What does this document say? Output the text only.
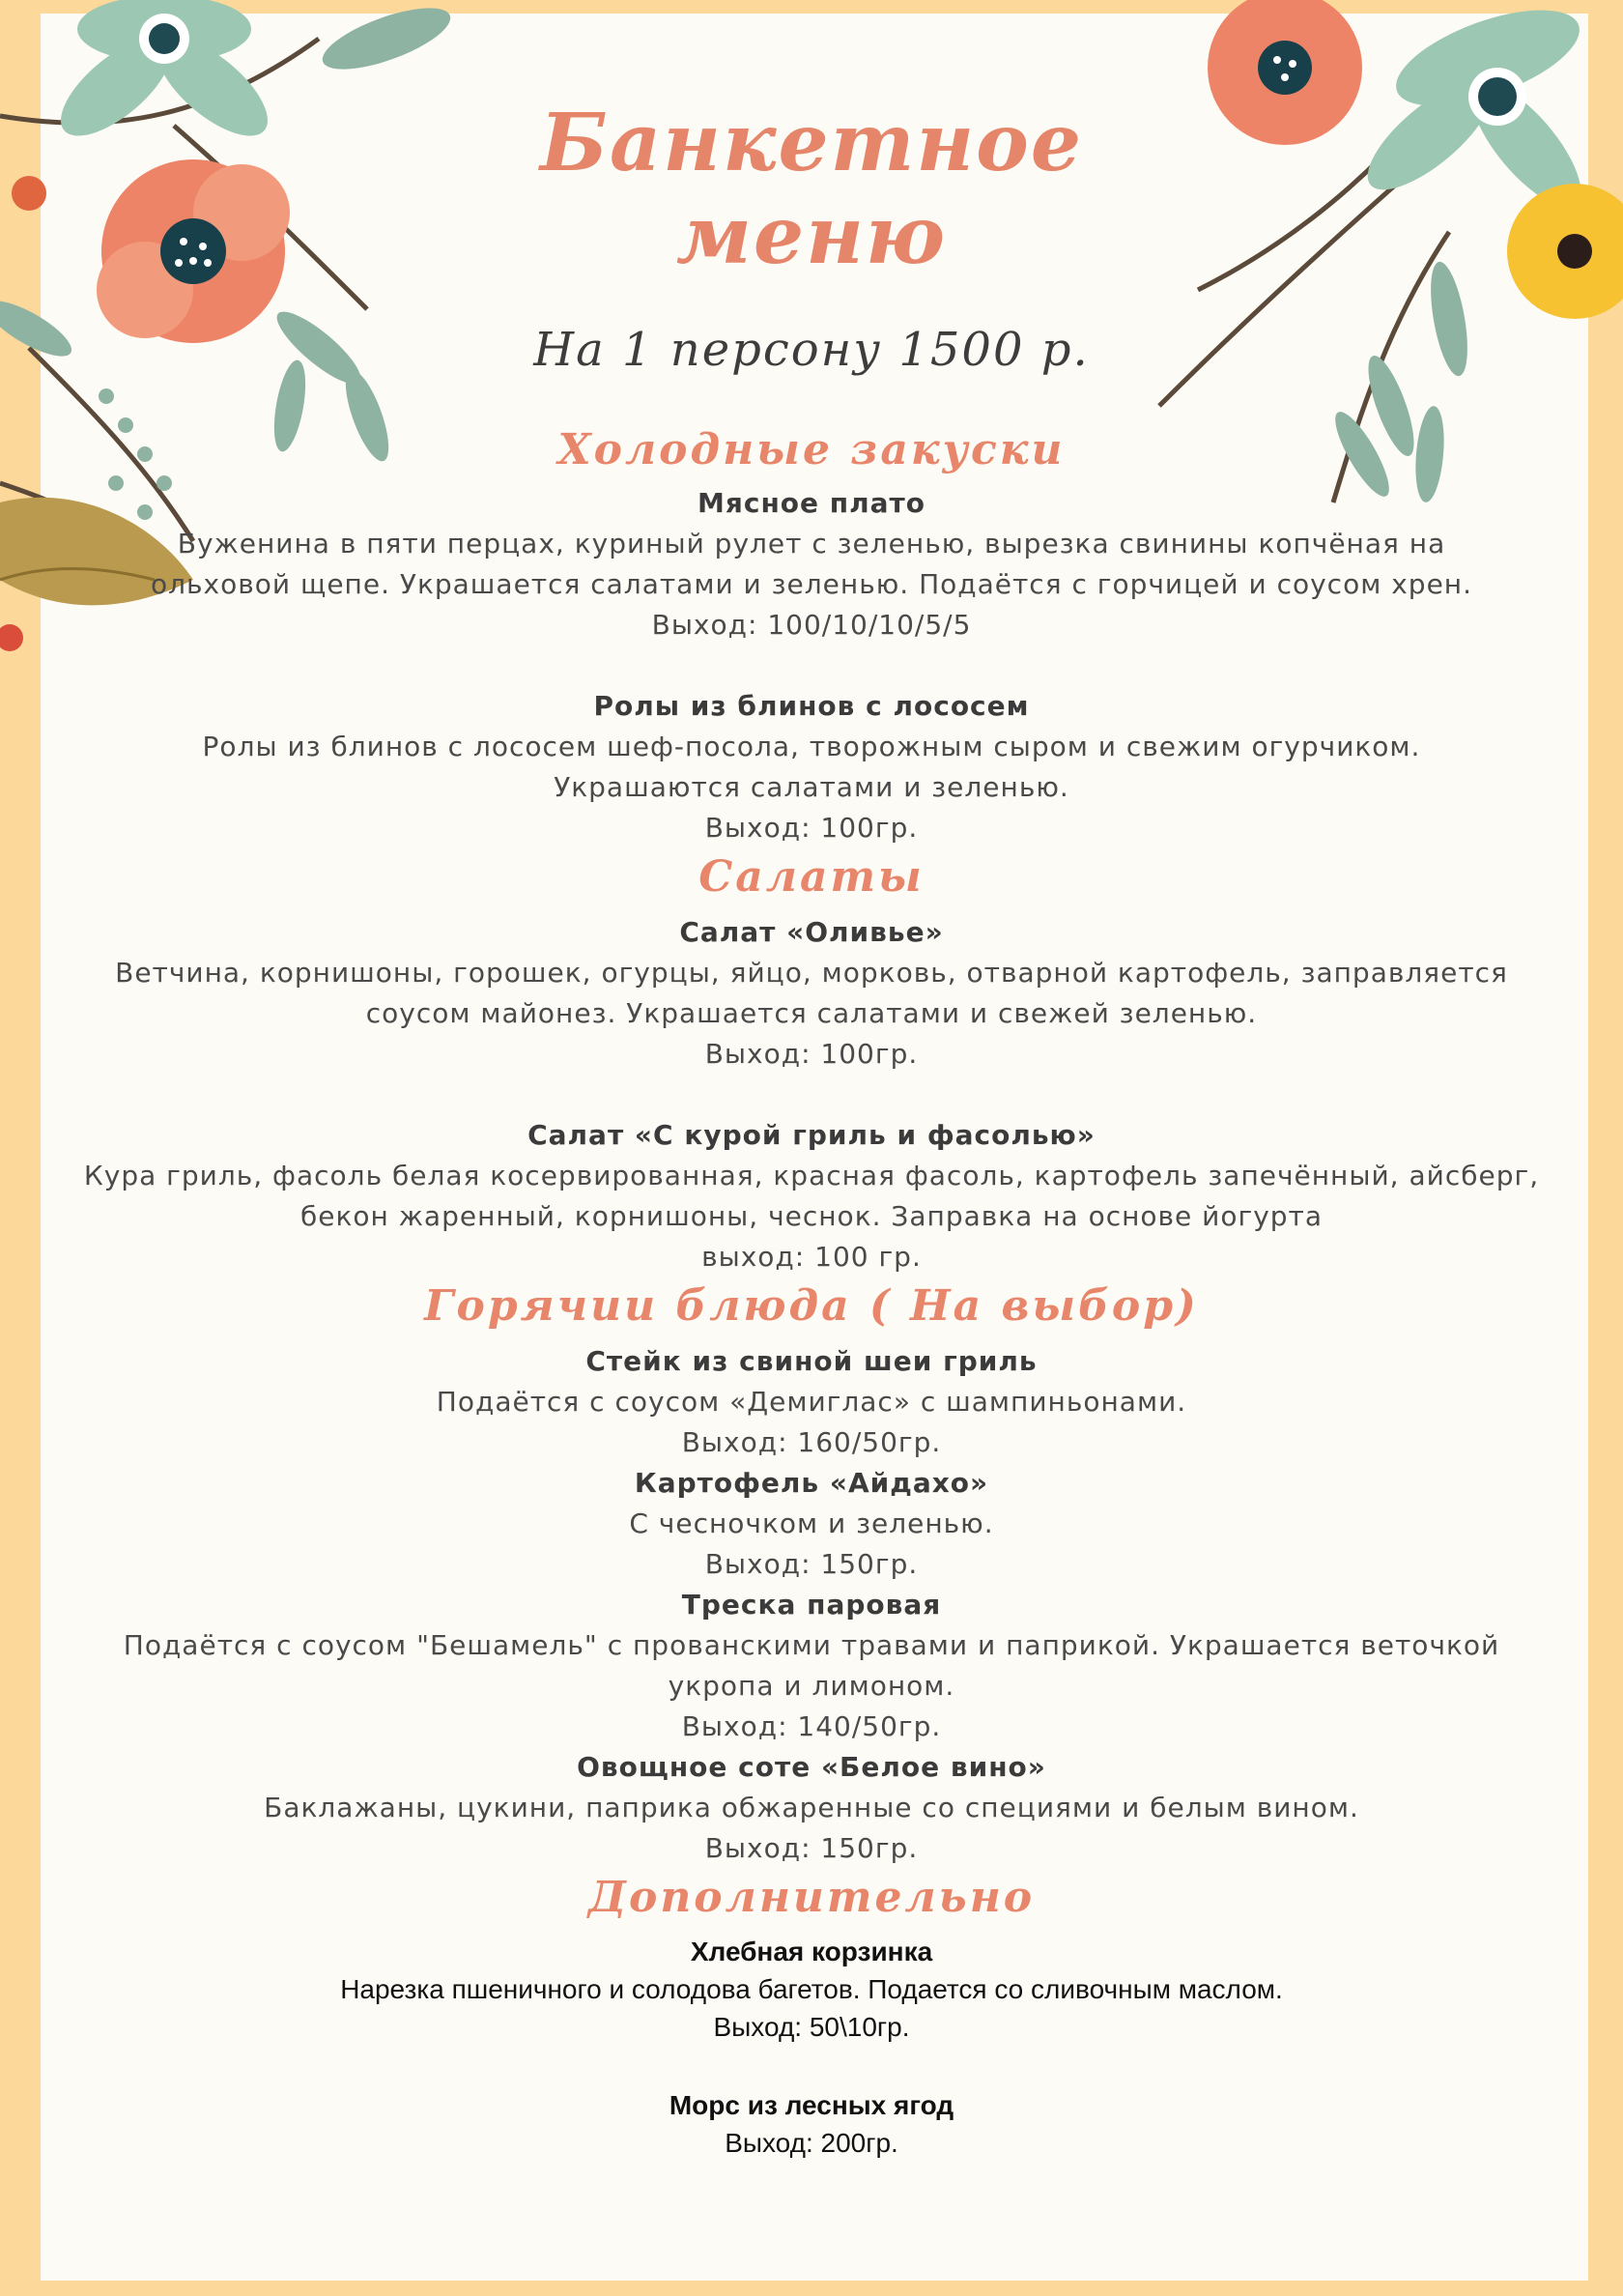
Банкетное
меню
На 1 персону 1500 р.
Холодные закуски
Мясное плато
Буженина в пяти перцах, куриный рулет с зеленью, вырезка свинины копчёная на
ольховой щепе. Украшается салатами и зеленью. Подаётся с горчицей и соусом хрен.
Выход: 100/10/10/5/5
Ролы из блинов с лососем
Ролы из блинов с лососем шеф-посола, творожным сыром и свежим огурчиком.
Украшаются салатами и зеленью.
Выход: 100гр.
Салаты
Салат «Оливье»
Ветчина, корнишоны, горошек, огурцы, яйцо, морковь, отварной картофель, заправляется
соусом майонез. Украшается салатами и свежей зеленью.
Выход: 100гр.
Салат «С курой гриль и фасолью»
Кура гриль, фасоль белая косервированная, красная фасоль, картофель запечённый, айсберг,
бекон жаренный, корнишоны, чеснок. Заправка на основе йогурта
выход: 100 гр.
Горячии блюда ( На выбор)
Стейк из свиной шеи гриль
Подаётся с соусом «Демиглас» с шампиньонами.
Выход: 160/50гр.
Картофель «Айдахо»
С чесночком и зеленью.
Выход: 150гр.
Треска паровая
Подаётся с соусом "Бешамель" с прованскими травами и паприкой. Украшается веточкой
укропа и лимоном.
Выход: 140/50гр.
Овощное соте «Белое вино»
Баклажаны, цукини, паприка обжаренные со специями и белым вином.
Выход: 150гр.
Дополнительно
Хлебная корзинка
Нарезка пшеничного и солодова багетов. Подается со сливочным маслом.
Выход: 50\10гр.
Морс из лесных ягод
Выход: 200гр.
